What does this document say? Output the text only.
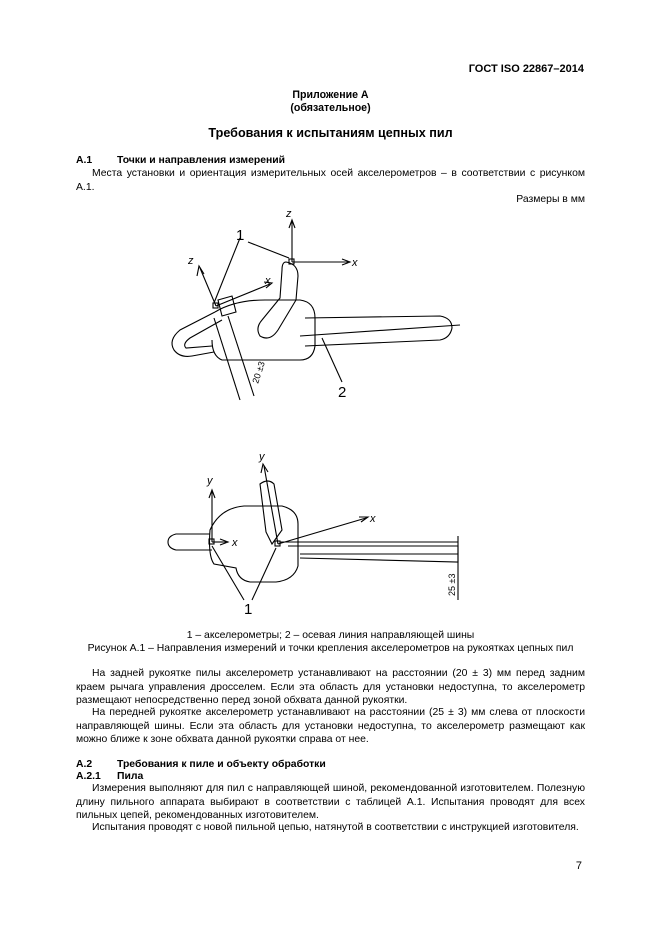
ГОСТ ISO 22867–2014
Приложение А
(обязательное)
Требования к испытаниям цепных пил
А.1 Точки и направления измерений
Места установки и ориентация измерительных осей акселерометров – в соответствии с рисунком А.1.
Размеры в мм
z
x
z
x
1
2
20 ±3
y
x
y
x
1
25 ±3
1 – акселерометры; 2 – осевая линия направляющей шины
Рисунок А.1 – Направления измерений и точки крепления акселерометров на рукоятках цепных пил
На задней рукоятке пилы акселерометр устанавливают на расстоянии (20 ± 3) мм перед задним краем рычага управления дросселем. Если эта область для установки недоступна, то акселерометр размещают непосредственно перед зоной обхвата данной рукоятки.
На передней рукоятке акселерометр устанавливают на расстоянии (25 ± 3) мм слева от плоскости направляющей шины. Если эта область для установки недоступна, то акселерометр размещают как можно ближе к зоне обхвата данной рукоятки справа от нее.
А.2 Требования к пиле и объекту обработки
А.2.1 Пила
Измерения выполняют для пил с направляющей шиной, рекомендованной изготовителем. Полезную длину пильного аппарата выбирают в соответствии с таблицей А.1. Испытания проводят для всех пильных цепей, рекомендованных изготовителем.
Испытания проводят с новой пильной цепью, натянутой в соответствии с инструкцией изготовителя.
7
